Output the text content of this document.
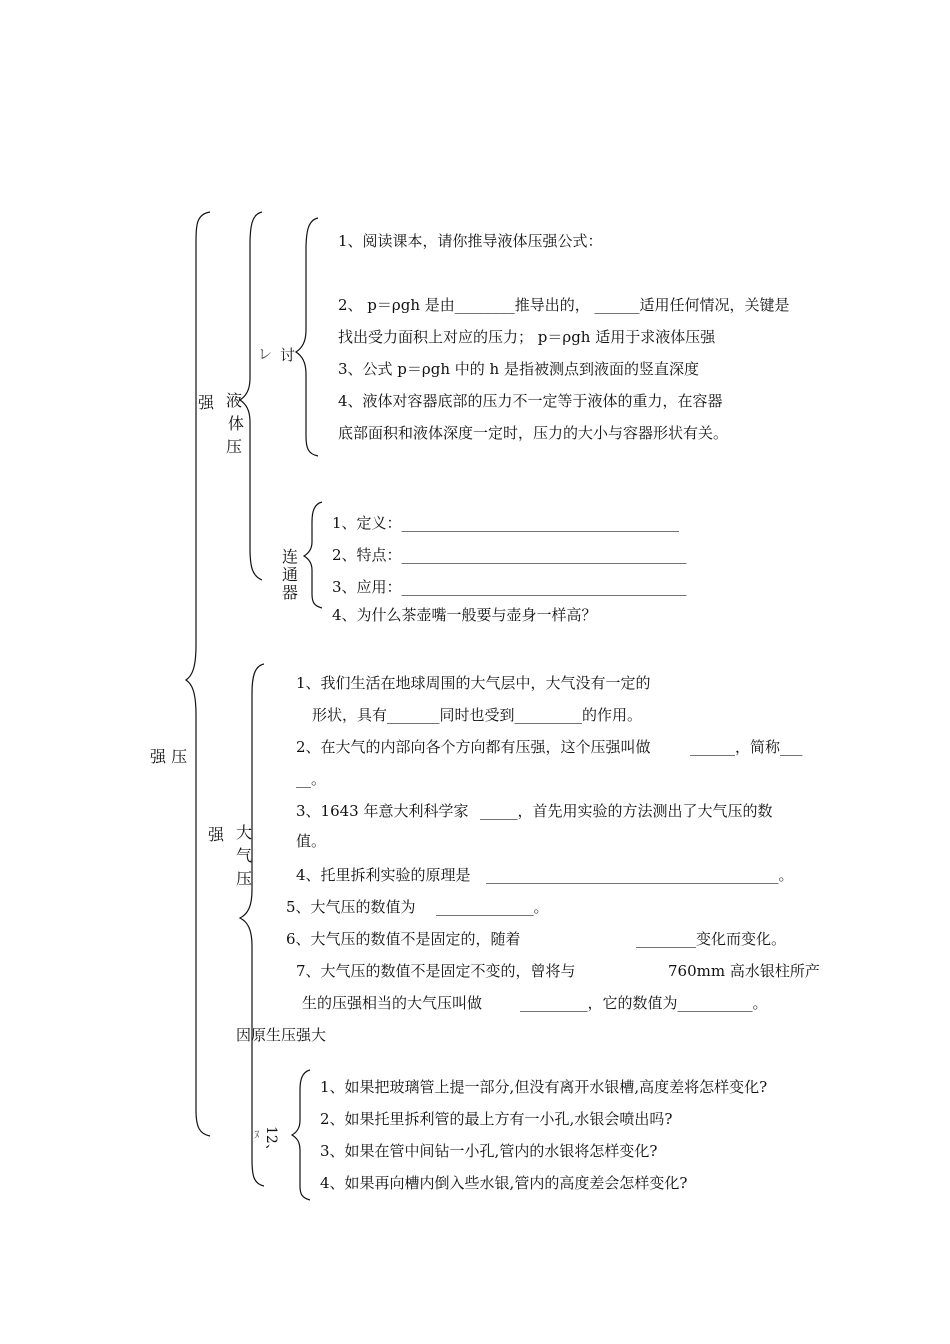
强 压
强 液
体
压
㆑ 讨
1、阅读课本，请你推导液体压强公式：
2、 p＝ρgh 是由________推导出的， ______适用任何情况，关键是
找出受力面积上对应的压力； p＝ρgh 适用于求液体压强
3、公式 p＝ρgh 中的 h 是指被测点到液面的竖直深度
4、液体对容器底部的压力不一定等于液体的重力，在容器
底部面积和液体深度一定时，压力的大小与容器形状有关。
连
通
器
1、定义：_____________________________________
2、特点：______________________________________
3、应用：______________________________________
4、为什么茶壶嘴一般要与壶身一样高？
强 大
气
压
1、我们生活在地球周围的大气层中，大气没有一定的
形状，具有_______同时也受到_________的作用。
2、在大气的内部向各个方向都有压强，这个压强叫做	______，简称___
__。
3、1643 年意大利科学家 _____，首先用实验的方法测出了大气压的数
值。
4、托里拆利实验的原理是 _______________________________________。
5、大气压的数值为 _____________。
6、大气压的数值不是固定的，随着	________变化而变化。
7、大气压的数值不是固定不变的，曾将与	760mm 高水银柱所产
生的压强相当的大气压叫做	_________，它的数值为__________。
因原生压强大
12、
ﾇ
1、如果把玻璃管上提一部分,但没有离开水银槽,高度差将怎样变化?
2、如果托里拆利管的最上方有一小孔,水银会喷出吗?
3、如果在管中间钻一小孔,管内的水银将怎样变化?
4、如果再向槽内倒入些水银,管内的高度差会怎样变化?
